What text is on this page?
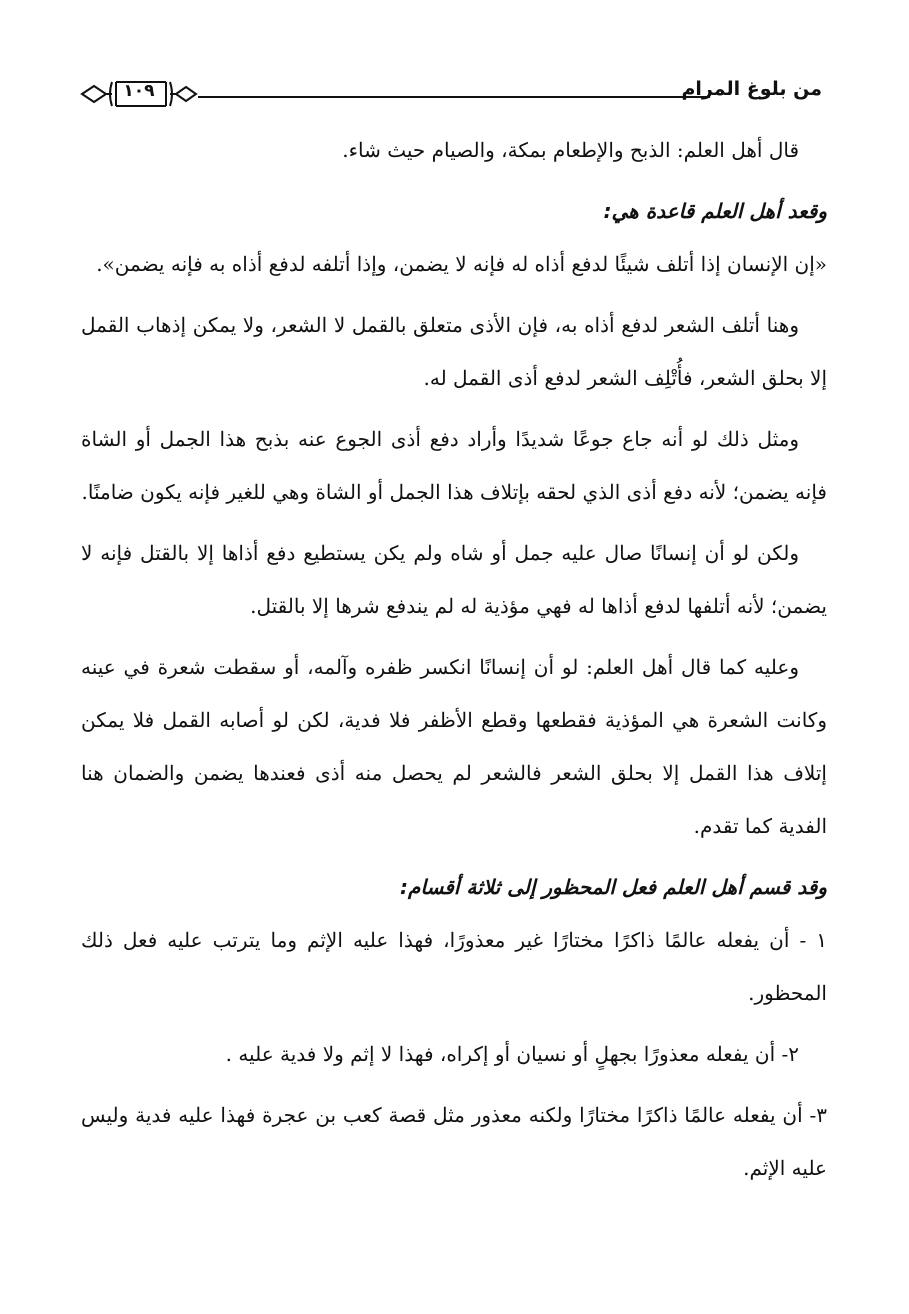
من بلوغ المرام
١٠٩

قال أهل العلم: الذبح والإطعام بمكة، والصيام حيث شاء.

وقعد أهل العلم قاعدة هي:

«إن الإنسان إذا أتلف شيئًا لدفع أذاه له فإنه لا يضمن، وإذا أتلفه لدفع أذاه به فإنه يضمن».

وهنا أتلف الشعر لدفع أذاه به، فإن الأذى متعلق بالقمل لا الشعر، ولا يمكن إذهاب القمل إلا بحلق الشعر، فأُتْلِف الشعر لدفع أذى القمل له.

ومثل ذلك لو أنه جاع جوعًا شديدًا وأراد دفع أذى الجوع عنه بذبح هذا الجمل أو الشاة فإنه يضمن؛ لأنه دفع أذى الذي لحقه بإتلاف هذا الجمل أو الشاة وهي للغير فإنه يكون ضامنًا.

ولكن لو أن إنسانًا صال عليه جمل أو شاه ولم يكن يستطيع دفع أذاها إلا بالقتل فإنه لا يضمن؛ لأنه أتلفها لدفع أذاها له فهي مؤذية له لم يندفع شرها إلا بالقتل.

وعليه كما قال أهل العلم: لو أن إنسانًا انكسر ظفره وآلمه، أو سقطت شعرة في عينه وكانت الشعرة هي المؤذية فقطعها وقطع الأظفر فلا فدية، لكن لو أصابه القمل فلا يمكن إتلاف هذا القمل إلا بحلق الشعر فالشعر لم يحصل منه أذى فعندها يضمن والضمان هنا الفدية كما تقدم.

وقد قسم أهل العلم فعل المحظور إلى ثلاثة أقسام:

١ - أن يفعله عالمًا ذاكرًا مختارًا غير معذورًا، فهذا عليه الإثم وما يترتب عليه فعل ذلك المحظور.

٢- أن يفعله معذورًا بجهلٍ أو نسيان أو إكراه، فهذا لا إثم ولا فدية عليه .

٣- أن يفعله عالمًا ذاكرًا مختارًا ولكنه معذور مثل قصة كعب بن عجرة فهذا عليه فدية وليس عليه الإثم.
